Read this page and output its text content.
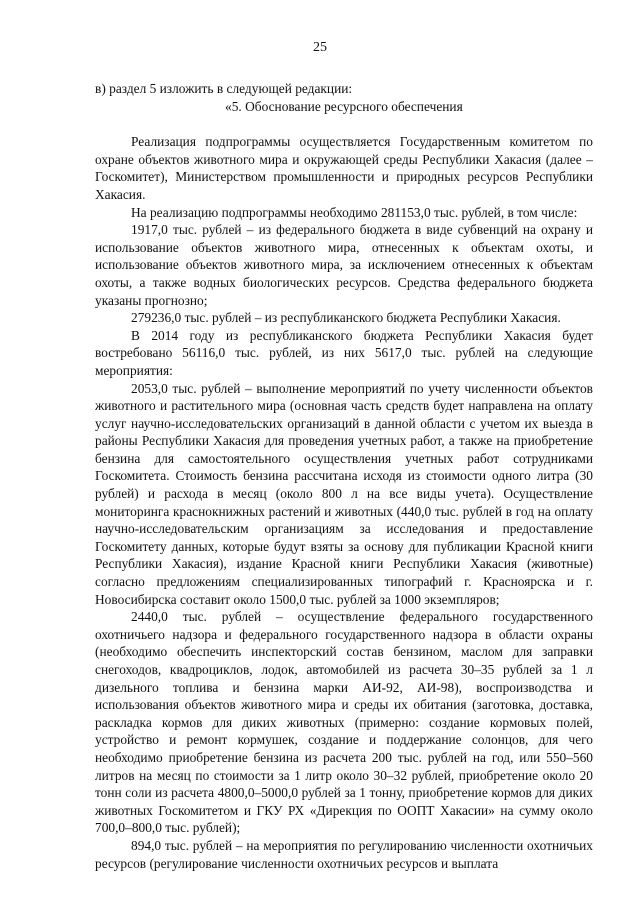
25

в) раздел 5 изложить в следующей редакции:

«5. Обоснование ресурсного обеспечения

Реализация подпрограммы осуществляется Государственным комитетом по охране объектов животного мира и окружающей среды Республики Хакасия (далее – Госкомитет), Министерством промышленности и природных ресурсов Республики Хакасия.

На реализацию подпрограммы необходимо 281153,0 тыс. рублей, в том числе:

1917,0 тыс. рублей – из федерального бюджета в виде субвенций на охрану и использование объектов животного мира, отнесенных к объектам охоты, и использование объектов животного мира, за исключением отнесенных к объектам охоты, а также водных биологических ресурсов. Средства федерального бюджета указаны прогнозно;

279236,0 тыс. рублей – из республиканского бюджета Республики Хакасия.

В 2014 году из республиканского бюджета Республики Хакасия будет востребовано 56116,0 тыс. рублей, из них 5617,0 тыс. рублей на следующие мероприятия:

2053,0 тыс. рублей – выполнение мероприятий по учету численности объектов животного и растительного мира (основная часть средств будет направлена на оплату услуг научно-исследовательских организаций в данной области с учетом их выезда в районы Республики Хакасия для проведения учетных работ, а также на приобретение бензина для самостоятельного осуществления учетных работ сотрудниками Госкомитета. Стоимость бензина рассчитана исходя из стоимости одного литра (30 рублей) и расхода в месяц (около 800 л на все виды учета). Осуществление мониторинга краснокнижных растений и животных (440,0 тыс. рублей в год на оплату научно-исследовательским организациям за исследования и предоставление Госкомитету данных, которые будут взяты за основу для публикации Красной книги Республики Хакасия), издание Красной книги Республики Хакасия (животные) согласно предложениям специализированных типографий г. Красноярска и г. Новосибирска составит около 1500,0 тыс. рублей за 1000 экземпляров;

2440,0 тыс. рублей – осуществление федерального государственного охотничьего надзора и федерального государственного надзора в области охраны (необходимо обеспечить инспекторский состав бензином, маслом для заправки снегоходов, квадроциклов, лодок, автомобилей из расчета 30–35 рублей за 1 л дизельного топлива и бензина марки АИ-92, АИ-98), воспроизводства и использования объектов животного мира и среды их обитания (заготовка, доставка, раскладка кормов для диких животных (примерно: создание кормовых полей, устройство и ремонт кормушек, создание и поддержание солонцов, для чего необходимо приобретение бензина из расчета 200 тыс. рублей на год, или 550–560 литров на месяц по стоимости за 1 литр около 30–32 рублей, приобретение около 20 тонн соли из расчета 4800,0–5000,0 рублей за 1 тонну, приобретение кормов для диких животных Госкомитетом и ГКУ РХ «Дирекция по ООПТ Хакасии» на сумму около 700,0–800,0 тыс. рублей);

894,0 тыс. рублей – на мероприятия по регулированию численности охотничьих ресурсов (регулирование численности охотничьих ресурсов и выплата
